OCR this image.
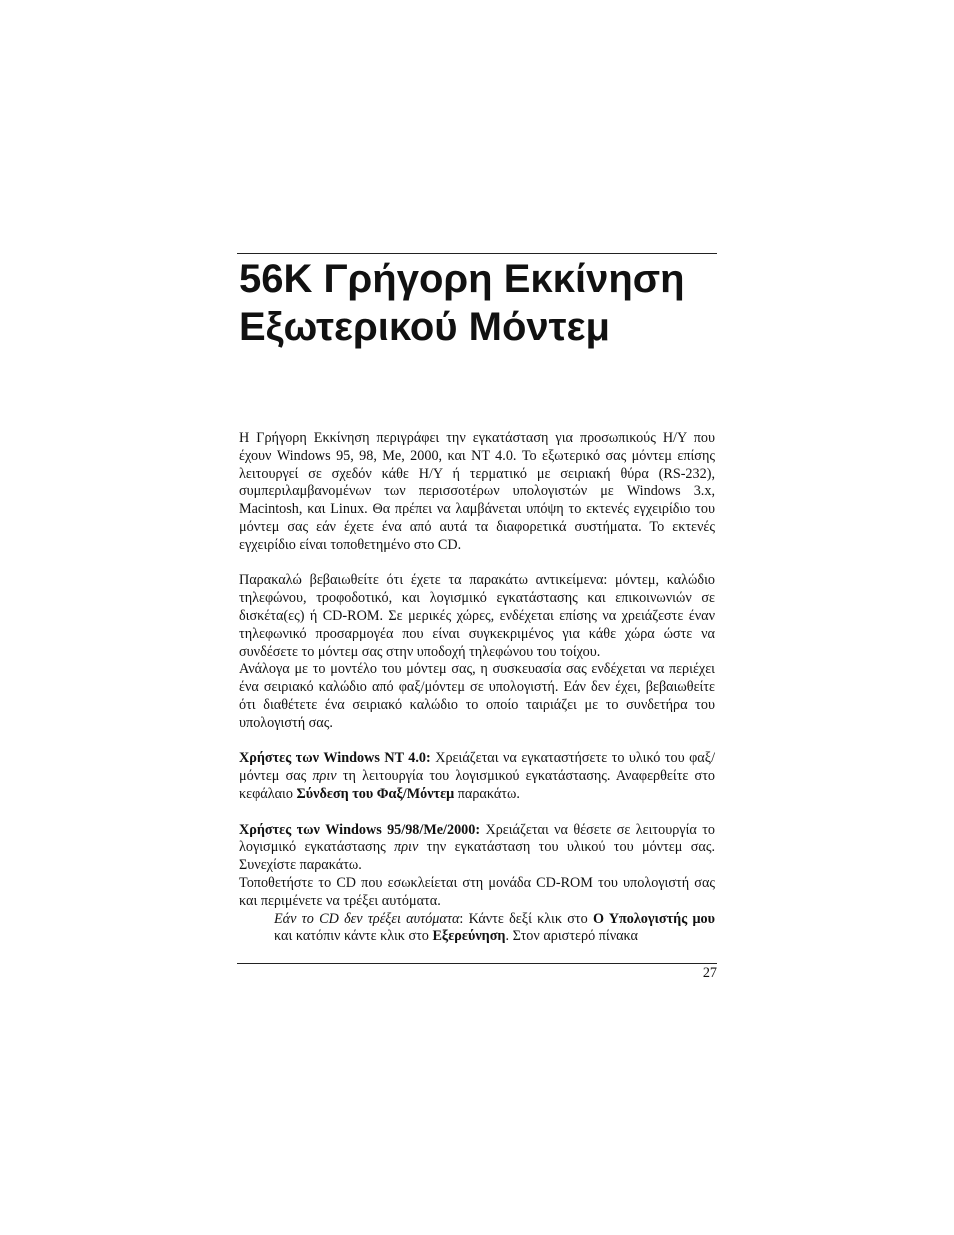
56K Γρήγορη Εκκίνηση
Εξωτερικού Μόντεμ

Η Γρήγορη Εκκίνηση περιγράφει την εγκατάσταση για προσωπικούς Η/Υ που έχουν Windows 95, 98, Me, 2000, και NT 4.0. Το εξωτερικό σας μόντεμ επίσης λειτουργεί σε σχεδόν κάθε Η/Υ ή τερματικό με σειριακή θύρα (RS-232), συμπεριλαμβανομένων των περισσοτέρων υπολογιστών με Windows 3.x, Macintosh, και Linux. Θα πρέπει να λαμβάνεται υπόψη το εκτενές εγχειρίδιο του μόντεμ σας εάν έχετε ένα από αυτά τα διαφορετικά συστήματα. Το εκτενές εγχειρίδιο είναι τοποθετημένο στο CD.

Παρακαλώ βεβαιωθείτε ότι έχετε τα παρακάτω αντικείμενα: μόντεμ, καλώδιο τηλεφώνου, τροφοδοτικό, και λογισμικό εγκατάστασης και επικοινωνιών σε δισκέτα(ες) ή CD-ROM. Σε μερικές χώρες, ενδέχεται επίσης να χρειάζεστε έναν τηλεφωνικό προσαρμογέα που είναι συγκεκριμένος για κάθε χώρα ώστε να συνδέσετε το μόντεμ σας στην υποδοχή τηλεφώνου του τοίχου.

Ανάλογα με το μοντέλο του μόντεμ σας, η συσκευασία σας ενδέχεται να περιέχει ένα σειριακό καλώδιο από φαξ/μόντεμ σε υπολογιστή. Εάν δεν έχει, βεβαιωθείτε ότι διαθέτετε ένα σειριακό καλώδιο το οποίο ταιριάζει με το συνδετήρα του υπολογιστή σας.

Χρήστες των Windows NT 4.0: Χρειάζεται να εγκαταστήσετε το υλικό του φαξ/μόντεμ σας πριν τη λειτουργία του λογισμικού εγκατάστασης. Αναφερθείτε στο κεφάλαιο Σύνδεση του Φαξ/Μόντεμ παρακάτω.

Χρήστες των Windows 95/98/Me/2000: Χρειάζεται να θέσετε σε λειτουργία το λογισμικό εγκατάστασης πριν την εγκατάσταση του υλικού του μόντεμ σας. Συνεχίστε παρακάτω.

Τοποθετήστε το CD που εσωκλείεται στη μονάδα CD-ROM του υπολογιστή σας και περιμένετε να τρέξει αυτόματα.

Εάν το CD δεν τρέξει αυτόματα: Κάντε δεξί κλικ στο Ο Υπολογιστής μου και κατόπιν κάντε κλικ στο Εξερεύνηση. Στον αριστερό πίνακα

27
